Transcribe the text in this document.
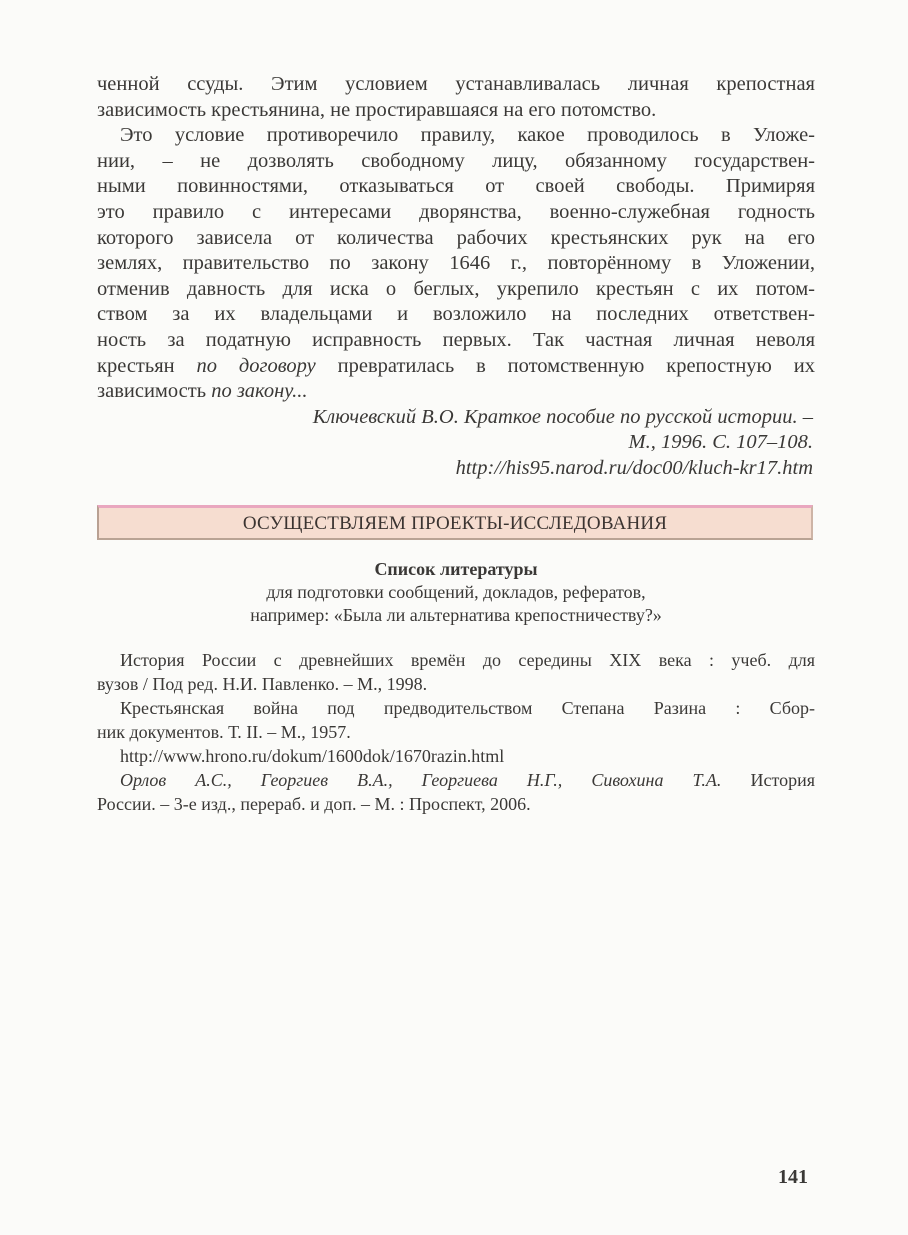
ченной ссуды. Этим условием устанавливалась личная крепостная
зависимость крестьянина, не простиравшаяся на его потомство.
Это условие противоречило правилу, какое проводилось в Уложе-
нии, – не дозволять свободному лицу, обязанному государствен-
ными повинностями, отказываться от своей свободы. Примиряя
это правило с интересами дворянства, военно-служебная годность
которого зависела от количества рабочих крестьянских рук на его
землях, правительство по закону 1646 г., повторённому в Уложении,
отменив давность для иска о беглых, укрепило крестьян с их потом-
ством за их владельцами и возложило на последних ответствен-
ность за податную исправность первых. Так частная личная неволя
крестьян по договору превратилась в потомственную крепостную их
зависимость по закону...
Ключевский В.О. Краткое пособие по русской истории. –
М., 1996. С. 107–108.
http://his95.narod.ru/doc00/kluch-kr17.htm
ОСУЩЕСТВЛЯЕМ ПРОЕКТЫ-ИССЛЕДОВАНИЯ
Список литературы
для подготовки сообщений, докладов, рефератов,
например: «Была ли альтернатива крепостничеству?»
История России с древнейших времён до середины XIX века : учеб. для
вузов / Под ред. Н.И. Павленко. – М., 1998.
Крестьянская война под предводительством Степана Разина : Сбор-
ник документов. Т. II. – М., 1957.
http://www.hrono.ru/dokum/1600dok/1670razin.html
Орлов А.С., Георгиев В.А., Георгиева Н.Г., Сивохина Т.А. История
России. – 3-е изд., перераб. и доп. – М. : Проспект, 2006.
141
